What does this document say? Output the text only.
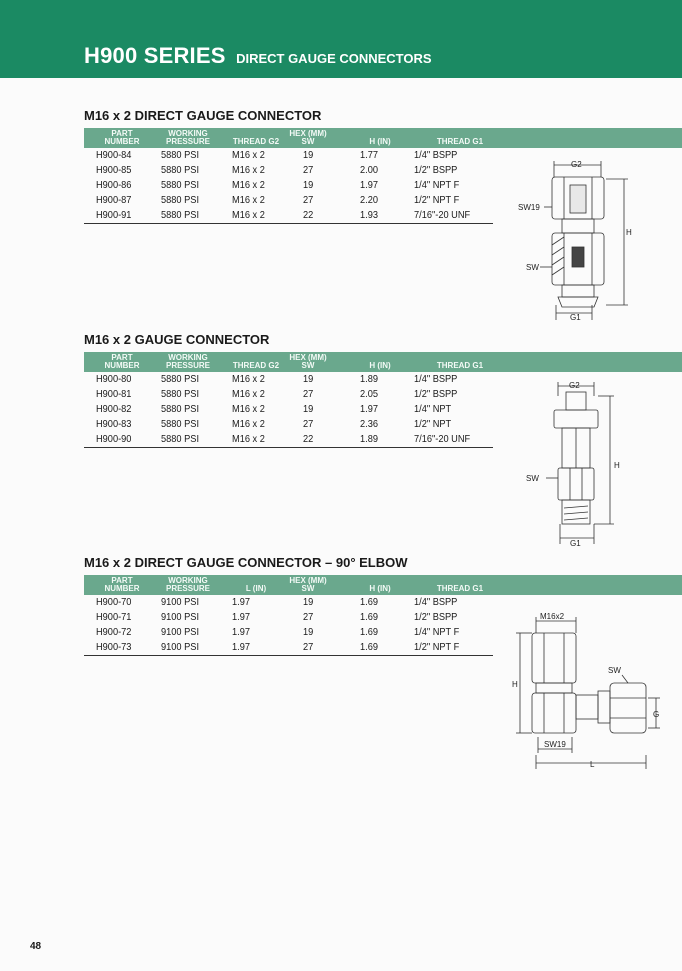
H900 SERIES DIRECT GAUGE CONNECTORS
M16 x 2 DIRECT GAUGE CONNECTOR
PART
NUMBER
WORKING
PRESSURE	THREAD G2
HEX (MM)
SW	H (IN)	THREAD G1
H900-84	5880 PSI	M16 x 2	19	1.77	1/4" BSPP
H900-85	5880 PSI	M16 x 2	27	2.00	1/2" BSPP
H900-86	5880 PSI	M16 x 2	19	1.97	1/4" NPT F
H900-87	5880 PSI	M16 x 2	27	2.20	1/2" NPT F
H900-91	5880 PSI	M16 x 2	22	1.93	7/16"-20 UNF
M16 x 2 GAUGE CONNECTOR
PART
NUMBER
WORKING
PRESSURE	THREAD G2
HEX (MM)
SW	H (IN)	THREAD G1
H900-80	5880 PSI	M16 x 2	19	1.89	1/4" BSPP
H900-81	5880 PSI	M16 x 2	27	2.05	1/2" BSPP
H900-82	5880 PSI	M16 x 2	19	1.97	1/4" NPT
H900-83	5880 PSI	M16 x 2	27	2.36	1/2" NPT
H900-90	5880 PSI	M16 x 2	22	1.89	7/16"-20 UNF
M16 x 2 DIRECT GAUGE CONNECTOR – 90° ELBOW
PART
NUMBER
WORKING
PRESSURE	L (IN)
HEX (MM)
SW	H (IN)	THREAD G1
H900-70	9100 PSI	1.97	19	1.69	1/4" BSPP
H900-71	9100 PSI	1.97	27	1.69	1/2" BSPP
H900-72	9100 PSI	1.97	19	1.69	1/4" NPT F
H900-73	9100 PSI	1.97	27	1.69	1/2" NPT F
G2
SW19
H
SW
G1
G2
H
SW
G1
M16x2
H
SW
G
SW19
L
48
